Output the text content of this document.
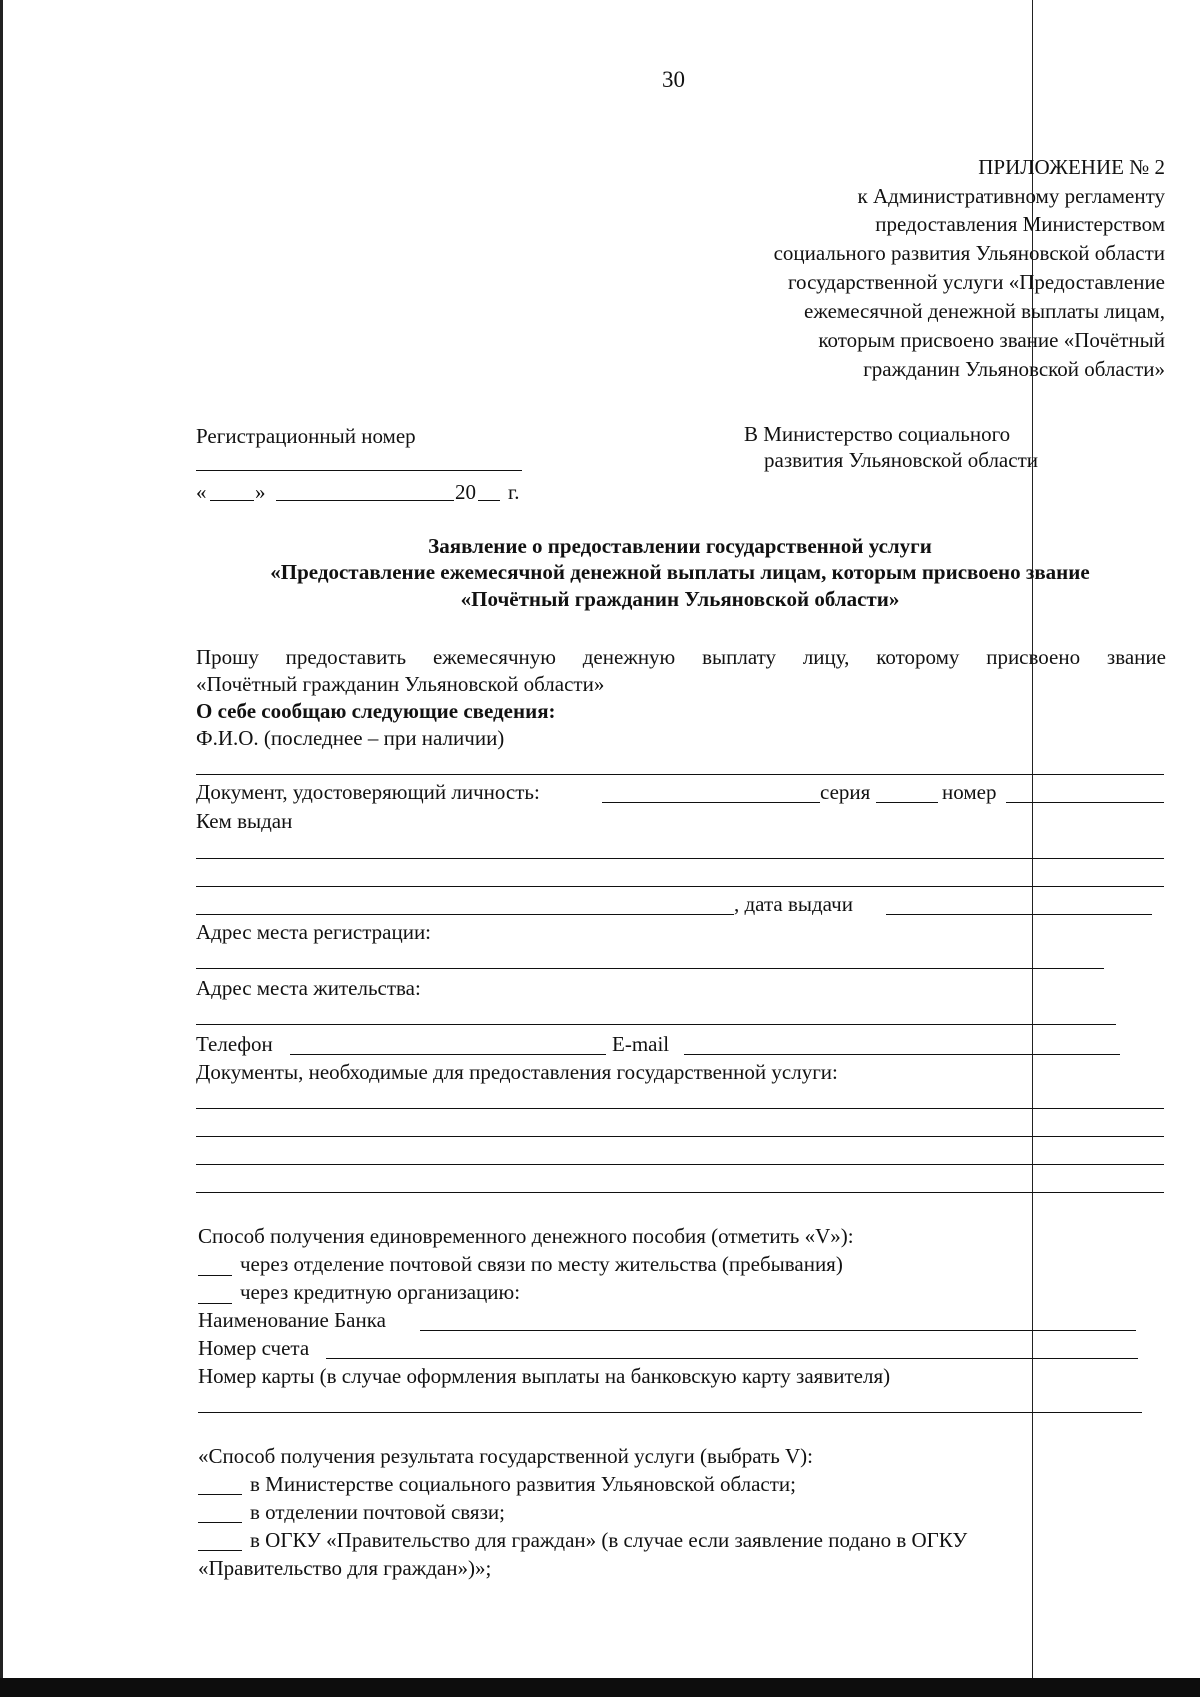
30
ПРИЛОЖЕНИЕ № 2
к Административному регламенту
предоставления Министерством
социального развития Ульяновской области
государственной услуги «Предоставление
ежемесячной денежной выплаты лицам,
которым присвоено звание «Почётный
гражданин Ульяновской области»
Регистрационный номер
« »	20 г.
В Министерство социального
развития Ульяновской области
Заявление о предоставлении государственной услуги
«Предоставление ежемесячной денежной выплаты лицам, которым присвоено звание
«Почётный гражданин Ульяновской области»
Прошу предоставить ежемесячную денежную выплату лицу, которому присвоено звание
«Почётный гражданин Ульяновской области»
О себе сообщаю следующие сведения:
Ф.И.О. (последнее – при наличии)
Документ, удостоверяющий личность:	серия	номер
Кем выдан
, дата выдачи
Адрес места регистрации:
Адрес места жительства:
Телефон	E-mail
Документы, необходимые для предоставления государственной услуги:
Способ получения единовременного денежного пособия (отметить «V»):
через отделение почтовой связи по месту жительства (пребывания)
через кредитную организацию:
Наименование Банка
Номер счета
Номер карты (в случае оформления выплаты на банковскую карту заявителя)
«Способ получения результата государственной услуги (выбрать V):
в Министерстве социального развития Ульяновской области;
в отделении почтовой связи;
в ОГКУ «Правительство для граждан» (в случае если заявление подано в ОГКУ
«Правительство для граждан»)»;
